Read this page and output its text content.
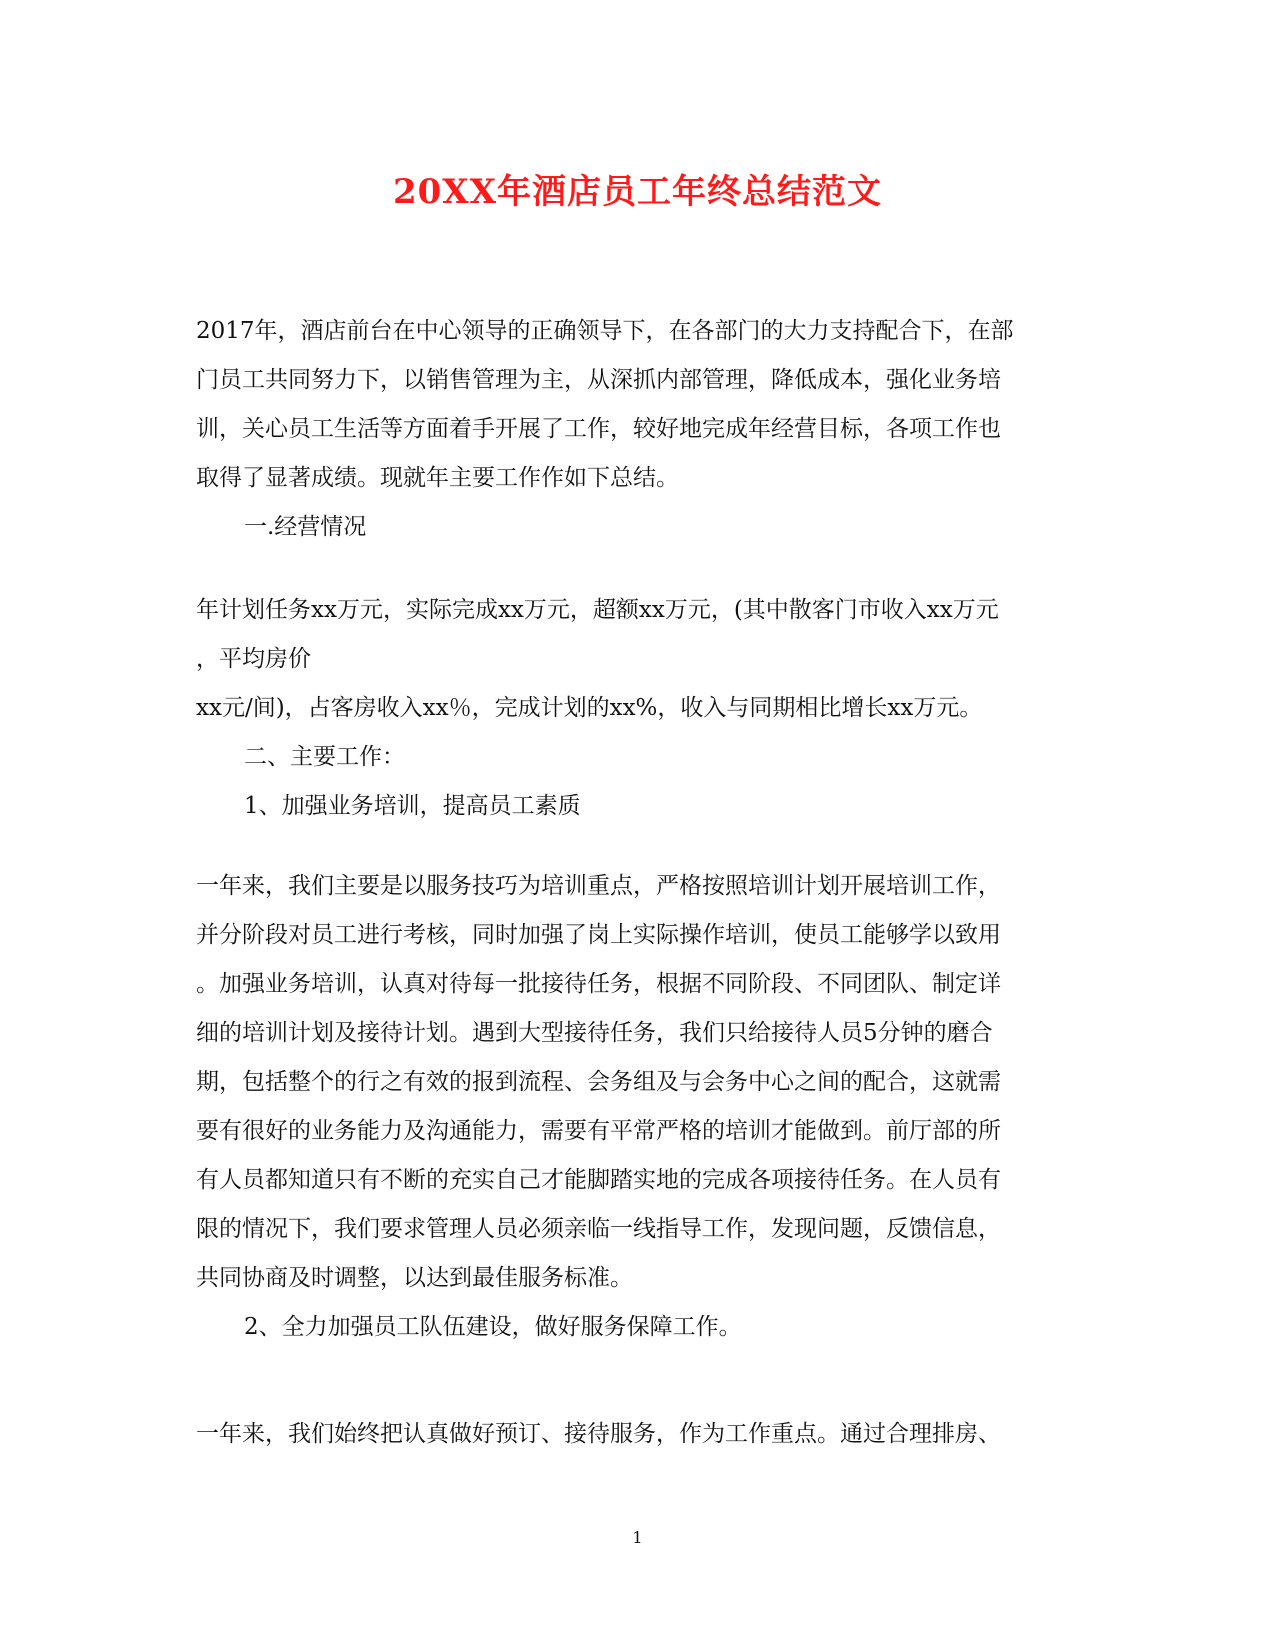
20XX年酒店员工年终总结范文
2017年，酒店前台在中心领导的正确领导下，在各部门的大力支持配合下，在部
门员工共同努力下，以销售管理为主，从深抓内部管理，降低成本，强化业务培
训，关心员工生活等方面着手开展了工作，较好地完成年经营目标，各项工作也
取得了显著成绩。现就年主要工作作如下总结。
一.经营情况
年计划任务xx万元，实际完成xx万元，超额xx万元，(其中散客门市收入xx万元
，平均房价
xx元/间)，占客房收入xx％，完成计划的xx%，收入与同期相比增长xx万元。
二、主要工作：
1、加强业务培训，提高员工素质
一年来，我们主要是以服务技巧为培训重点，严格按照培训计划开展培训工作，
并分阶段对员工进行考核，同时加强了岗上实际操作培训，使员工能够学以致用
。加强业务培训，认真对待每一批接待任务，根据不同阶段、不同团队、制定详
细的培训计划及接待计划。遇到大型接待任务，我们只给接待人员5分钟的磨合
期，包括整个的行之有效的报到流程、会务组及与会务中心之间的配合，这就需
要有很好的业务能力及沟通能力，需要有平常严格的培训才能做到。前厅部的所
有人员都知道只有不断的充实自己才能脚踏实地的完成各项接待任务。在人员有
限的情况下，我们要求管理人员必须亲临一线指导工作，发现问题，反馈信息，
共同协商及时调整，以达到最佳服务标准。
2、全力加强员工队伍建设，做好服务保障工作。
一年来，我们始终把认真做好预订、接待服务，作为工作重点。通过合理排房、
1
